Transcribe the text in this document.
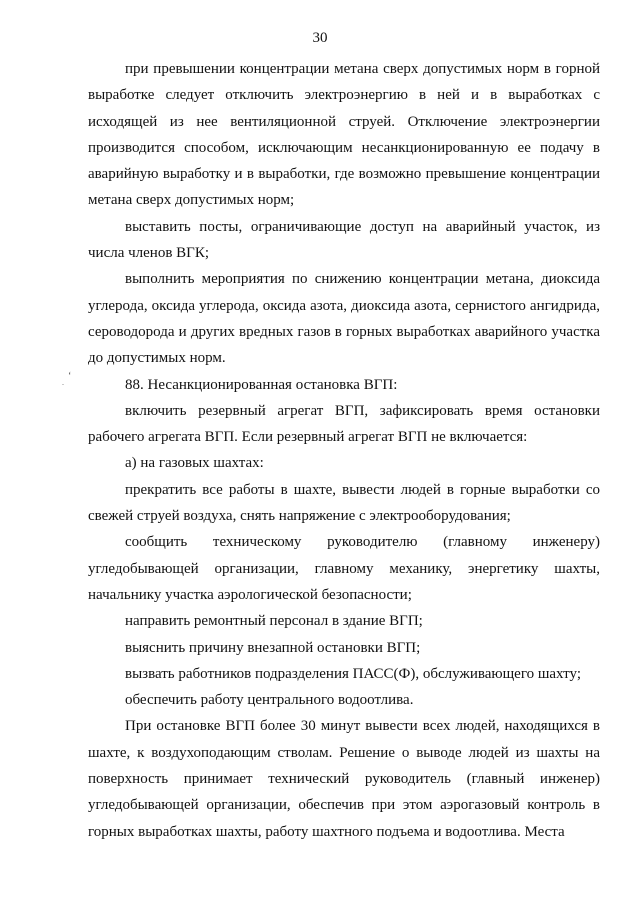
30
ʻ
.

при превышении концентрации метана сверх допустимых норм в горной выработке следует отключить электроэнергию в ней и в выработках с исходящей из нее вентиляционной струей. Отключение электроэнергии производится способом, исключающим несанкционированную ее подачу в аварийную выработку и в выработки, где возможно превышение концентрации метана сверх допустимых норм;

выставить посты, ограничивающие доступ на аварийный участок, из числа членов ВГК;

выполнить мероприятия по снижению концентрации метана, диоксида углерода, оксида углерода, оксида азота, диоксида азота, сернистого ангидрида, сероводорода и других вредных газов в горных выработках аварийного участка до допустимых норм.

88. Несанкционированная остановка ВГП:

включить резервный агрегат ВГП, зафиксировать время остановки рабочего агрегата ВГП. Если резервный агрегат ВГП не включается:

а) на газовых шахтах:

прекратить все работы в шахте, вывести людей в горные выработки со свежей струей воздуха, снять напряжение с электрооборудования;

сообщить техническому руководителю (главному инженеру) угледобывающей организации, главному механику, энергетику шахты, начальнику участка аэрологической безопасности;

направить ремонтный персонал в здание ВГП;

выяснить причину внезапной остановки ВГП;

вызвать работников подразделения ПАСС(Ф), обслуживающего шахту;

обеспечить работу центрального водоотлива.

При остановке ВГП более 30 минут вывести всех людей, находящихся в шахте, к воздухоподающим стволам. Решение о выводе людей из шахты на поверхность принимает технический руководитель (главный инженер) угледобывающей организации, обеспечив при этом аэрогазовый контроль в горных выработках шахты, работу шахтного подъема и водоотлива. Места
